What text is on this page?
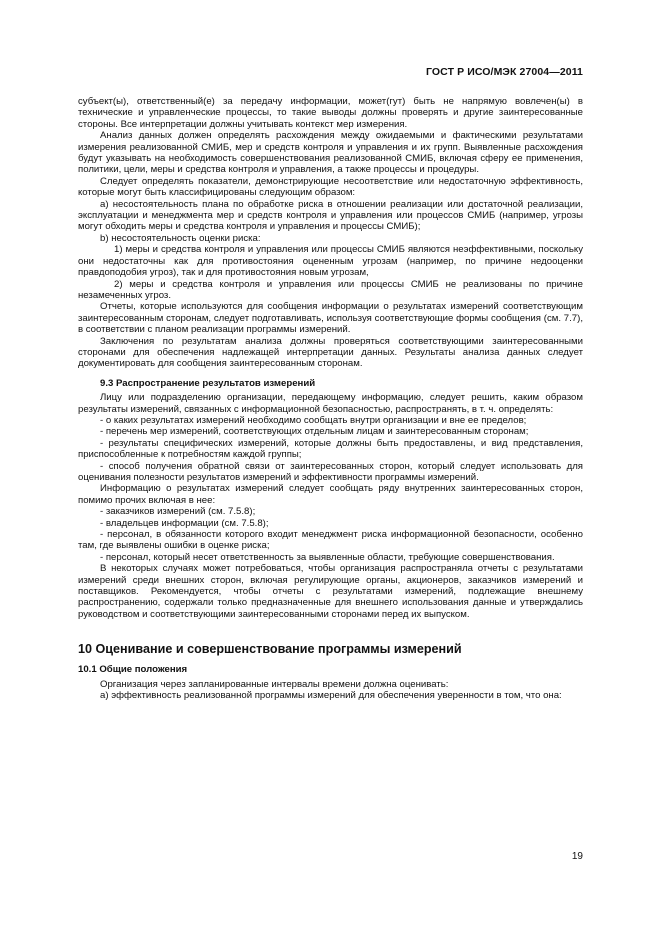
ГОСТ Р ИСО/МЭК 27004—2011

субъект(ы), ответственный(е) за передачу информации, может(гут) быть не напрямую вовлечен(ы) в технические и управленческие процессы, то такие выводы должны проверять и другие заинтересованные стороны. Все интерпретации должны учитывать контекст мер измерения.

Анализ данных должен определять расхождения между ожидаемыми и фактическими результатами измерения реализованной СМИБ, мер и средств контроля и управления и их групп. Выявленные расхождения будут указывать на необходимость совершенствования реализованной СМИБ, включая сферу ее применения, политики, цели, меры и средства контроля и управления, а также процессы и процедуры.

Следует определять показатели, демонстрирующие несоответствие или недостаточную эффективность, которые могут быть классифицированы следующим образом:

а) несостоятельность плана по обработке риска в отношении реализации или достаточной реализации, эксплуатации и менеджмента мер и средств контроля и управления или процессов СМИБ (например, угрозы могут обходить меры и средства контроля и управления и процессы СМИБ);

b) несостоятельность оценки риска:

1) меры и средства контроля и управления или процессы СМИБ являются неэффективными, поскольку они недостаточны как для противостояния оцененным угрозам (например, по причине недооценки правдоподобия угроз), так и для противостояния новым угрозам,

2) меры и средства контроля и управления или процессы СМИБ не реализованы по причине незамеченных угроз.

Отчеты, которые используются для сообщения информации о результатах измерений соответствующим заинтересованным сторонам, следует подготавливать, используя соответствующие формы сообщения (см. 7.7), в соответствии с планом реализации программы измерений.

Заключения по результатам анализа должны проверяться соответствующими заинтересованными сторонами для обеспечения надлежащей интерпретации данных. Результаты анализа данных следует документировать для сообщения заинтересованным сторонам.

9.3 Распространение результатов измерений

Лицу или подразделению организации, передающему информацию, следует решить, каким образом результаты измерений, связанных с информационной безопасностью, распространять, в т. ч. определять:

- о каких результатах измерений необходимо сообщать внутри организации и вне ее пределов;

- перечень мер измерений, соответствующих отдельным лицам и заинтересованным сторонам;

- результаты специфических измерений, которые должны быть предоставлены, и вид представления, приспособленные к потребностям каждой группы;

- способ получения обратной связи от заинтересованных сторон, который следует использовать для оценивания полезности результатов измерений и эффективности программы измерений.

Информацию о результатах измерений следует сообщать ряду внутренних заинтересованных сторон, помимо прочих включая в нее:

- заказчиков измерений (см. 7.5.8);

- владельцев информации (см. 7.5.8);

- персонал, в обязанности которого входит менеджмент риска информационной безопасности, особенно там, где выявлены ошибки в оценке риска;

- персонал, который несет ответственность за выявленные области, требующие совершенствования.

В некоторых случаях может потребоваться, чтобы организация распространяла отчеты с результатами измерений среди внешних сторон, включая регулирующие органы, акционеров, заказчиков измерений и поставщиков. Рекомендуется, чтобы отчеты с результатами измерений, подлежащие внешнему распространению, содержали только предназначенные для внешнего использования данные и утверждались руководством и соответствующими заинтересованными сторонами перед их выпуском.

10 Оценивание и совершенствование программы измерений

10.1 Общие положения

Организация через запланированные интервалы времени должна оценивать:

а) эффективность реализованной программы измерений для обеспечения уверенности в том, что она:

19
